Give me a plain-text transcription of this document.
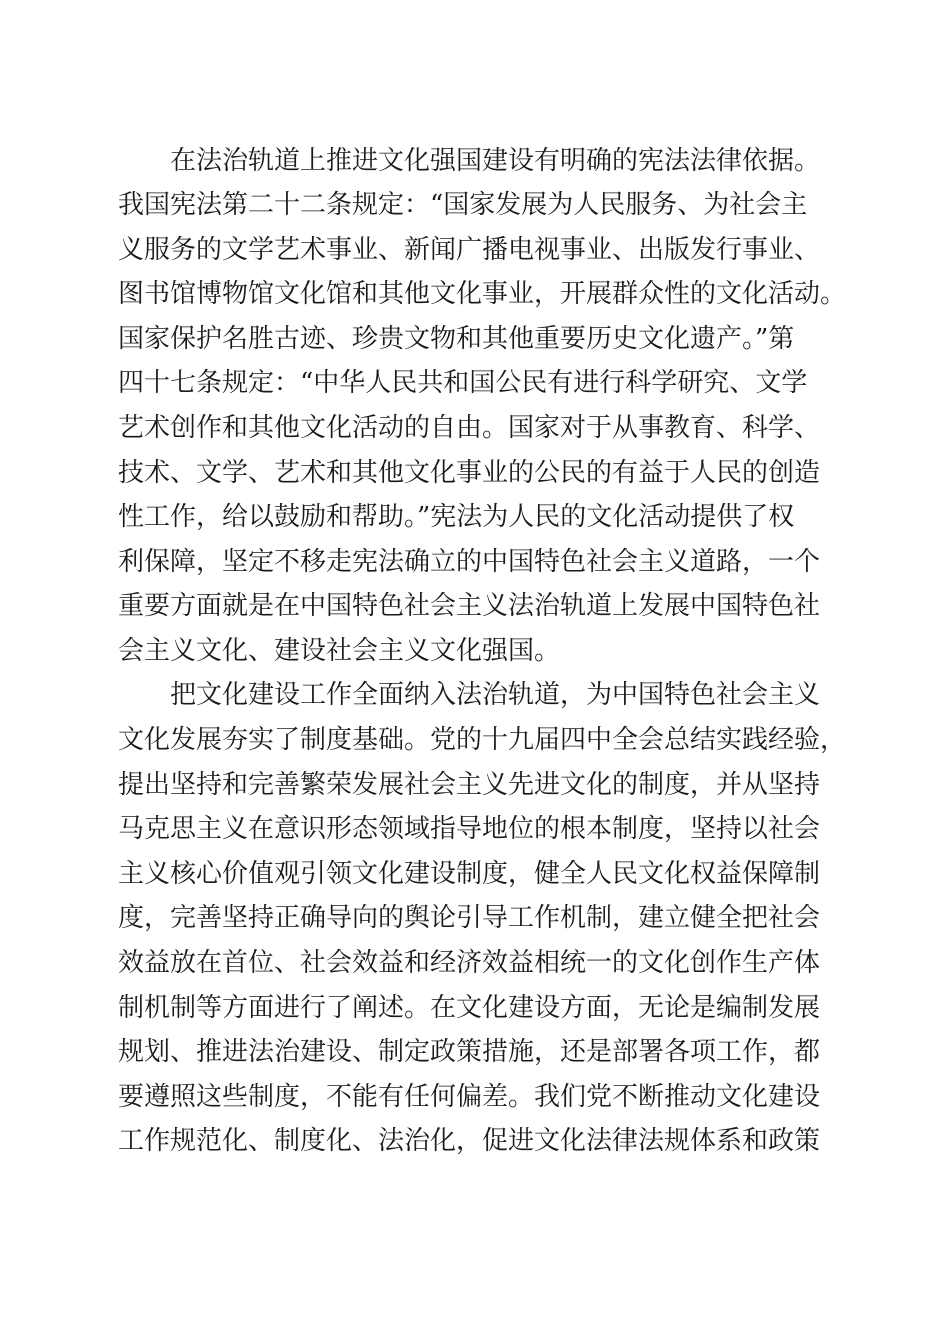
在法治轨道上推进文化强国建设有明确的宪法法律依据。
我国宪法第二十二条规定：“国家发展为人民服务、为社会主
义服务的文学艺术事业、新闻广播电视事业、出版发行事业、
图书馆博物馆文化馆和其他文化事业，开展群众性的文化活动。
国家保护名胜古迹、珍贵文物和其他重要历史文化遗产。”第
四十七条规定：“中华人民共和国公民有进行科学研究、文学
艺术创作和其他文化活动的自由。国家对于从事教育、科学、
技术、文学、艺术和其他文化事业的公民的有益于人民的创造
性工作，给以鼓励和帮助。”宪法为人民的文化活动提供了权
利保障，坚定不移走宪法确立的中国特色社会主义道路，一个
重要方面就是在中国特色社会主义法治轨道上发展中国特色社
会主义文化、建设社会主义文化强国。
把文化建设工作全面纳入法治轨道，为中国特色社会主义
文化发展夯实了制度基础。党的十九届四中全会总结实践经验，
提出坚持和完善繁荣发展社会主义先进文化的制度，并从坚持
马克思主义在意识形态领域指导地位的根本制度，坚持以社会
主义核心价值观引领文化建设制度，健全人民文化权益保障制
度，完善坚持正确导向的舆论引导工作机制，建立健全把社会
效益放在首位、社会效益和经济效益相统一的文化创作生产体
制机制等方面进行了阐述。在文化建设方面，无论是编制发展
规划、推进法治建设、制定政策措施，还是部署各项工作，都
要遵照这些制度，不能有任何偏差。我们党不断推动文化建设
工作规范化、制度化、法治化，促进文化法律法规体系和政策
